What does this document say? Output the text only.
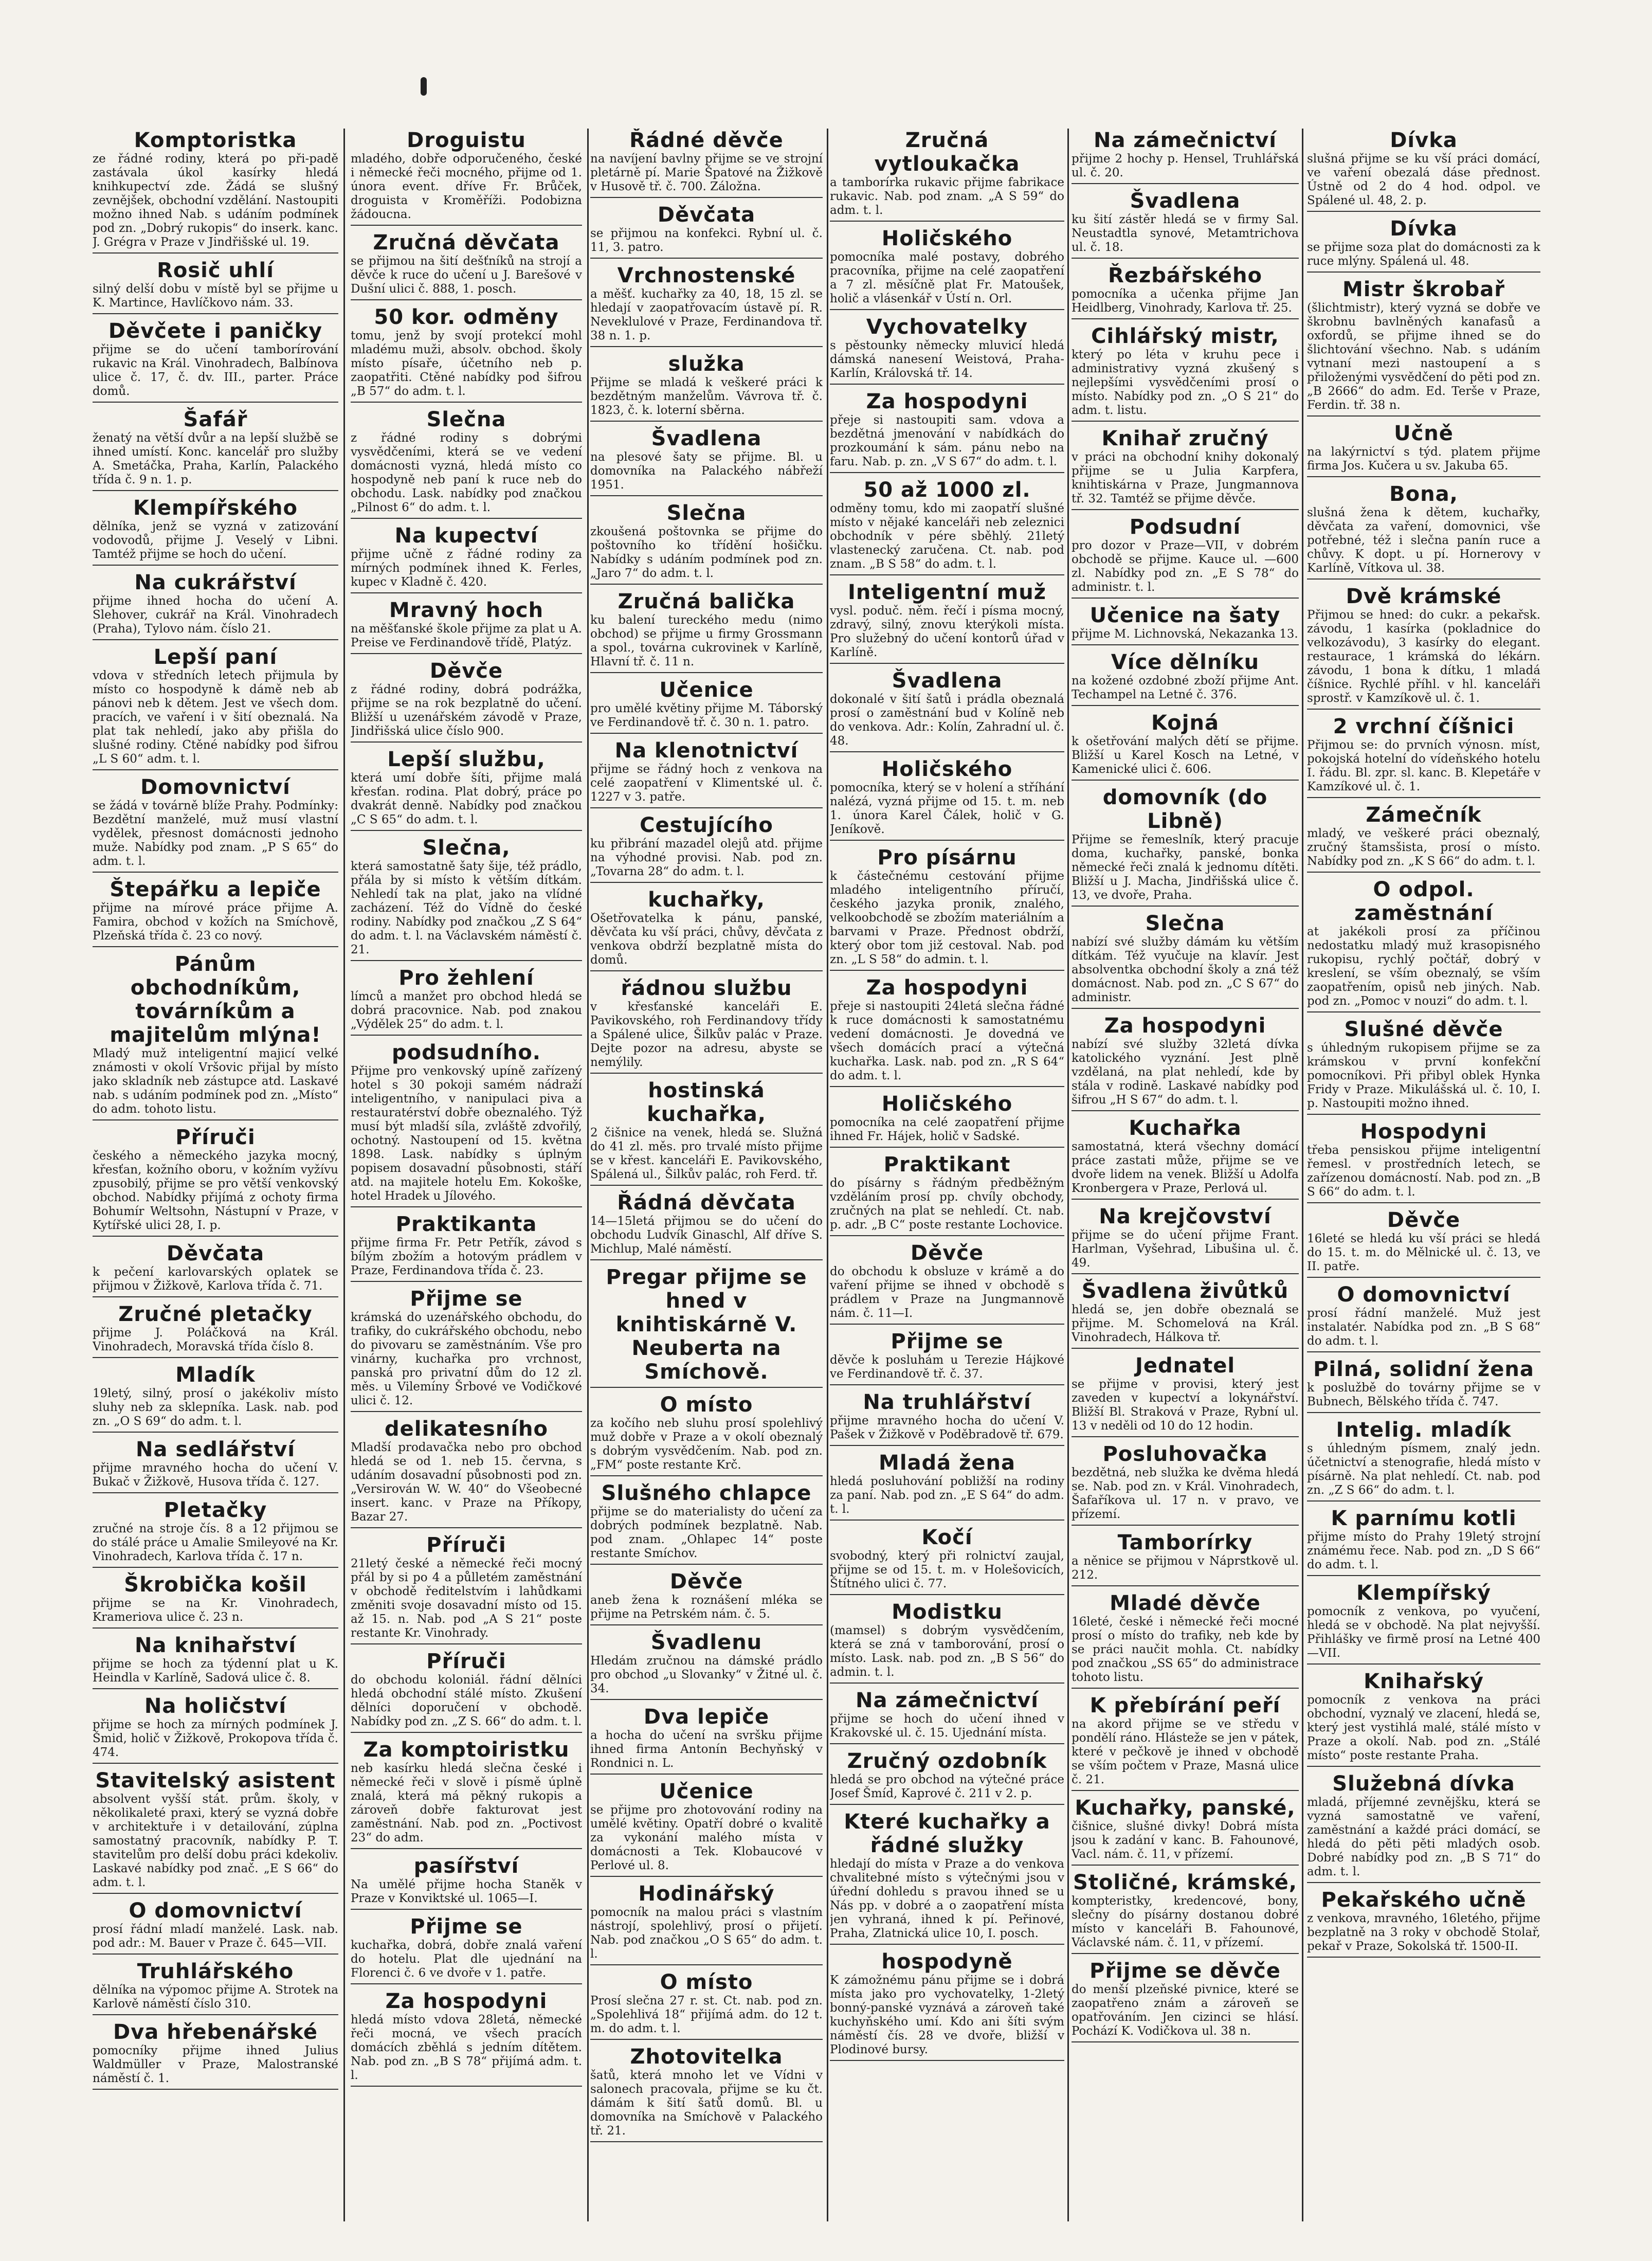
Komptoristka
ze řádné rodiny, která po při-padě zastávala úkol kasírky hledá knihkupectví zde. Žádá se slušný zevnějšek, obchodní vzdělání. Nastoupiti možno ihned Nab. s udáním podmínek pod zn. „Dobrý rukopis“ do inserk. kanc. J. Grégra v Praze v Jindřišské ul. 19.
Rosič uhlí
silný delší dobu v místě byl se přijme u K. Martince, Havlíčkovo nám. 33.
Děvčete i paničky
přijme se do učení tamborírování rukavic na Král. Vinohradech, Balbínova ulice č. 17, č. dv. III., parter. Práce domů.
Šafář
ženatý na větší dvůr a na lepší službě se ihned umístí. Konc. kancelář pro služby A. Smetáčka, Praha, Karlín, Palackého třída č. 9 n. 1. p.
Klempířského
dělníka, jenž se vyzná v zatizování vodovodů, přijme J. Veselý v Libni. Tamtéž přijme se hoch do učení.
Na cukrářství
přijme ihned hocha do učení A. Slehover, cukrář na Král. Vinohradech (Praha), Tylovo nám. číslo 21.
Lepší paní
vdova v středních letech přijmula by místo co hospodyně k dámě neb ab pánovi neb k dětem. Jest ve všech dom. pracích, ve vaření i v šití obeznalá. Na plat tak nehledí, jako aby přišla do slušné rodiny. Ctěné nabídky pod šifrou „L S 60“ adm. t. l.
Domovnictví
se žádá v továrně blíže Prahy. Podmínky: Bezdětní manželé, muž musí vlastní vydělek, přesnost domácnosti jednoho muže. Nabídky pod znam. „P S 65“ do adm. t. l.
Štepářku a lepiče
přijme na mírové práce přijme A. Famira, obchod v kožích na Smíchově, Plzeňská třída č. 23 co nový.
Pánům obchodníkům, továrníkům a majitelům mlýna!
Mladý muž inteligentní majicí velké známosti v okolí Vršovic přijal by místo jako skladník neb zástupce atd. Laskavé nab. s udáním podmínek pod zn. „Místo“ do adm. tohoto listu.
Příruči
českého a německého jazyka mocný, křesťan, kožního oboru, v kožním vyžívu zpusobilý, přijme se pro větší venkovský obchod. Nabídky přijímá z ochoty firma Bohumír Weltsohn, Nástupní v Praze, v Kytířské ulici 28, I. p.
Děvčata
k pečení karlovarských oplatek se přijmou v Žižkově, Karlova třída č. 71.
Zručné pletačky
přijme J. Poláčková na Král. Vinohradech, Moravská třída číslo 8.
Mladík
19letý, silný, prosí o jakékoliv místo sluhy neb za sklepníka. Lask. nab. pod zn. „O S 69“ do adm. t. l.
Na sedlářství
přijme mravného hocha do učení V. Bukač v Žižkově, Husova třída č. 127.
Pletačky
zručné na stroje čís. 8 a 12 přijmou se do stálé práce u Amalie Smileyové na Kr. Vinohradech, Karlova třída č. 17 n.
Škrobička košil
přijme se na Kr. Vinohradech, Krameriova ulice č. 23 n.
Na knihařství
přijme se hoch za týdenní plat u K. Heindla v Karlíně, Sadová ulice č. 8.
Na holičství
přijme se hoch za mírných podmínek J. Šmid, holič v Žižkově, Prokopova třída č. 474.
Stavitelský asistent
absolvent vyšší stát. prům. školy, v několikaleté praxi, který se vyzná dobře v architektuře i v detailování, zúplna samostatný pracovník, nabídky P. T. stavitelům pro delší dobu práci kdekoliv. Laskavé nabídky pod znač. „E S 66“ do adm. t. l.
O domovnictví
prosí řádní mladí manželé. Lask. nab. pod adr.: M. Bauer v Praze č. 645—VII.
Truhlářského
dělníka na výpomoc přijme A. Strotek na Karlově náměstí číslo 310.
Dva hřebenářské
pomocníky přijme ihned Julius Waldmüller v Praze, Malostranské náměstí č. 1.
Droguistu
mladého, dobře odporučeného, české i německé řeči mocného, přijme od 1. února event. dříve Fr. Brůček, droguista v Kroměříži. Podobizna žádoucna.
Zručná děvčata
se přijmou na šití dešťníků na strojí a děvče k ruce do učení u J. Barešové v Dušní ulici č. 888, 1. posch.
50 kor. odměny
tomu, jenž by svojí protekcí mohl mladému muži, absolv. obchod. školy místo písaře, účetního neb p. zaopatřiti. Ctěné nabídky pod šifrou „B 57“ do adm. t. l.
Slečna
z řádné rodiny s dobrými vysvědčeními, která se ve vedení domácnosti vyzná, hledá místo co hospodyně neb paní k ruce neb do obchodu. Lask. nabídky pod značkou „Pilnost 6“ do adm. t. l.
Na kupectví
přijme učně z řádné rodiny za mírných podmínek ihned K. Ferles, kupec v Kladně č. 420.
Mravný hoch
na měšťanské škole přijme za plat u A. Preise ve Ferdinandově třídě, Platýz.
Děvče
z řádné rodiny, dobrá podrážka, přijme se na rok bezplatně do učení. Bližší u uzenářském závodě v Praze, Jindřišská ulice číslo 900.
Lepší službu,
která umí dobře šíti, přijme malá křesťan. rodina. Plat dobrý, práce po dvakrát denně. Nabídky pod značkou „C S 65“ do adm. t. l.
Slečna,
která samostatně šaty šije, též prádlo, přála by si místo k větším dítkám. Nehledí tak na plat, jako na vlídné zacházení. Též do Vídně do české rodiny. Nabídky pod značkou „Z S 64“ do adm. t. l. na Václavském náměstí č. 21.
Pro žehlení
límců a manžet pro obchod hledá se dobrá pracovnice. Nab. pod znakou „Výdělek 25“ do adm. t. l.
podsudního.
Přijme pro venkovský upíně zařízený hotel s 30 pokoji samém nádraží inteligentního, v nanipulaci piva a restauratérství dobře obeznalého. Týž musí být mladší síla, zvláště zdvořilý, ochotný. Nastoupení od 15. května 1898. Lask. nabídky s úplným popisem dosavadní působnosti, stáří atd. na majitele hotelu Em. Kokoške, hotel Hradek u Jílového.
Praktikanta
přijme firma Fr. Petr Petřík, závod s bílým zbožím a hotovým prádlem v Praze, Ferdinandova třída č. 23.
Přijme se
krámská do uzenářského obchodu, do trafiky, do cukrářského obchodu, nebo do pivovaru se zaměstnáním. Vše pro vinárny, kuchařka pro vrchnost, panská pro privatní dům do 12 zl. měs. u Vilemíny Šrbové ve Vodičkové ulici č. 12.
delikatesního
Mladší prodavačka nebo pro obchod hledá se od 1. neb 15. června, s udáním dosavadní působnosti pod zn. „Versirován W. W. 40“ do Všeobecné insert. kanc. v Praze na Příkopy, Bazar 27.
Příruči
21letý české a německé řeči mocný přál by si po 4 a půlletém zaměstnání v obchodě ředitelstvím i lahůdkami změniti svoje dosavadní místo od 15. až 15. n. Nab. pod „A S 21“ poste restante Kr. Vinohrady.
Příruči
do obchodu koloniál. řádní dělníci hledá obchodní stálé místo. Zkušení dělníci doporučení v obchodě. Nabídky pod zn. „Z S. 66“ do adm. t. l.
Za komptoiristku
neb kasírku hledá slečna české i německé řeči v slově i písmě úplně znalá, která má pěkný rukopis a zároveň dobře fakturovat jest zaměstnání. Nab. pod zn. „Poctivost 23“ do adm.
pasířství
Na umělé přijme hocha Staněk v Praze v Konviktské ul. 1065—I.
Přijme se
kuchařka, dobrá, dobře znalá vaření do hotelu. Plat dle ujednání na Florenci č. 6 ve dvoře v 1. patře.
Za hospodyni
hledá místo vdova 28letá, německé řeči mocná, ve všech pracích domácích zběhlá s jedním dítětem. Nab. pod zn. „B S 78“ přijímá adm. t. l.
Řádné děvče
na navíjení bavlny přijme se ve strojní pletárně pí. Marie Špatové na Žižkově v Husově tř. č. 700. Záložna.
Děvčata
se přijmou na konfekci. Rybní ul. č. 11, 3. patro.
Vrchnostenské
a měšť. kuchařky za 40, 18, 15 zl. se hledají v zaopatřovacím ústavě pí. R. Neveklulové v Praze, Ferdinandova tř. 38 n. 1. p.
služka
Přijme se mladá k veškeré práci k bezdětným manželům. Vávrova tř. č. 1823, č. k. loterní sběrna.
Švadlena
na plesové šaty se přijme. Bl. u domovníka na Palackého nábřeží 1951.
Slečna
zkoušená poštovnka se přijme do poštovního ko třídění hošičku. Nabídky s udáním podmínek pod zn. „Jaro 7“ do adm. t. l.
Zručná balička
ku balení tureckého medu (nimo obchod) se přijme u firmy Grossmann a spol., továrna cukrovinek v Karlíně, Hlavní tř. č. 11 n.
Učenice
pro umělé květiny přijme M. Táborský ve Ferdinandově tř. č. 30 n. 1. patro.
Na klenotnictví
přijme se řádný hoch z venkova na celé zaopatření v Klimentské ul. č. 1227 v 3. patře.
Cestujícího
ku přibrání mazadel olejů atd. přijme na výhodné provisi. Nab. pod zn. „Tovarna 28“ do adm. t. l.
kuchařky,
Ošetřovatelka k pánu, panské, děvčata ku vší práci, chůvy, děvčata z venkova obdrží bezplatně místa do domů.
řádnou službu
v křesťanské kanceláři E. Pavikovského, roh Ferdinandovy třídy a Spálené ulice, Šilkův palác v Praze. Dejte pozor na adresu, abyste se nemýlily.
hostinská kuchařka,
2 čišnice na venek, hledá se. Služná do 41 zl. měs. pro trvalé místo přijme se v křest. kanceláři E. Pavikovského, Spálená ul., Šilkův palác, roh Ferd. tř.
Řádná děvčata
14—15letá přijmou se do učení do obchodu Ludvík Ginaschl, Alf dříve S. Michlup, Malé náměstí.
Pregar přijme se hned v knihtiskárně V. Neuberta na Smíchově.
O místo
za kočího neb sluhu prosí spolehlivý muž dobře v Praze a v okolí obeznalý s dobrým vysvědčením. Nab. pod zn. „FM“ poste restante Krč.
Slušného chlapce
přijme se do materialisty do učení za dobrých podmínek bezplatně. Nab. pod znam. „Ohlapec 14“ poste restante Smíchov.
Děvče
aneb žena k roznášení mléka se přijme na Petrském nám. č. 5.
Švadlenu
Hledám zručnou na dámské prádlo pro obchod „u Slovanky“ v Žitné ul. č. 34.
Dva lepiče
a hocha do učení na svršku přijme ihned firma Antonín Bechyňský v Rondnici n. L.
Učenice
se přijme pro zhotovování rodiny na umělé květiny. Opatří dobré o kvalitě za vykonání malého místa v domácnosti a Tek. Klobaucové v Perlové ul. 8.
Hodinářský
pomocník na malou práci s vlastním nástrojí, spolehlivý, prosí o přijetí. Nab. pod značkou „O S 65“ do adm. t. l.
O místo
Prosí slečna 27 r. st. Ct. nab. pod zn. „Spolehlivá 18“ přijímá adm. do 12 t. m. do adm. t. l.
Zhotovitelka
šatů, která mnoho let ve Vídni v salonech pracovala, přijme se ku čt. dámám k šití šatů domů. Bl. u domovníka na Smíchově v Palackého tř. 21.
Zručná vytloukačka
a tamborírka rukavic přijme fabrikace rukavic. Nab. pod znam. „A S 59“ do adm. t. l.
Holičského
pomocníka malé postavy, dobrého pracovníka, přijme na celé zaopatření a 7 zl. měsíčně plat Fr. Matoušek, holič a vlásenkář v Ústí n. Orl.
Vychovatelky
s pěstounky německy mluvicí hledá dámská nanesení Weistová, Praha-Karlín, Královská tř. 14.
Za hospodyni
přeje si nastoupiti sam. vdova a bezdětná jmenování v nabídkách do prozkoumání k sám. pánu nebo na faru. Nab. p. zn. „V S 67“ do adm. t. l.
50 až 1000 zl.
odměny tomu, kdo mi zaopatří slušné místo v nějaké kanceláři neb zeleznici obchodník v pére sběhlý. 21letý vlastenecký zaručena. Ct. nab. pod znam. „B S 58“ do adm. t. l.
Inteligentní muž
vysl. poduč. něm. řečí i písma mocný, zdravý, silný, znovu kterýkoli místa. Pro služebný do učení kontorů úřad v Karlíně.
Švadlena
dokonalé v šití šatů i prádla obeznalá prosí o zaměstnání bud v Kolíně neb do venkova. Adr.: Kolín, Zahradní ul. č. 48.
Holičského
pomocníka, který se v holení a stříhání nalézá, vyzná přijme od 15. t. m. neb 1. února Karel Čálek, holič v G. Jeníkově.
Pro písárnu
k částečnému cestování přijme mladého inteligentního příručí, českého jazyka pronik, znalého, velkoobchodě se zbožím materiálním a barvami v Praze. Přednost obdrží, který obor tom již cestoval. Nab. pod zn. „L S 58“ do admin. t. l.
Za hospodyni
přeje si nastoupiti 24letá slečna řádné k ruce domácnosti k samostatnému vedení domácnosti. Je dovedná ve všech domácích prací a výtečná kuchařka. Lask. nab. pod zn. „R S 64“ do adm. t. l.
Holičského
pomocníka na celé zaopatření přijme ihned Fr. Hájek, holič v Sadské.
Praktikant
do písárny s řádným předběžným vzděláním prosí pp. chvíly obchody, zručných na plat se nehledí. Ct. nab. p. adr. „B C“ poste restante Lochovice.
Děvče
do obchodu k obsluze v krámě a do vaření přijme se ihned v obchodě s prádlem v Praze na Jungmannově nám. č. 11—I.
Přijme se
děvče k posluhám u Terezie Hájkové ve Ferdinandově tř. č. 37.
Na truhlářství
přijme mravného hocha do učení V. Pašek v Žižkově v Poděbradově tř. 679.
Mladá žena
hledá posluhování pobližší na rodiny za paní. Nab. pod zn. „E S 64“ do adm. t. l.
Kočí
svobodný, který při rolnictví zaujal, přijme se od 15. t. m. v Holešovicích, Štítného ulici č. 77.
Modistku
(mamsel) s dobrým vysvědčením, která se zná v tamborování, prosí o místo. Lask. nab. pod zn. „B S 56“ do admin. t. l.
Na zámečnictví
přijme se hoch do učení ihned v Krakovské ul. č. 15. Ujednání místa.
Zručný ozdobník
hledá se pro obchod na výtečné práce Josef Šmíd, Kaprové č. 211 v 2. p.
Které kuchařky a řádné služky
hledají do místa v Praze a do venkova chvalitebné místo s výtečnými jsou v úřední dohledu s pravou ihned se u Nás pp. v dobré a o zaopatření místa jen vyhraná, ihned k pí. Peřinové, Praha, Zlatnická ulice 10, I. posch.
hospodyně
K zámožnému pánu přijme se i dobrá místa jako pro vychovatelky, 1-2letý bonný-panské vyznává a zároveň také kuchyňského umí. Kdo ani šíti svým náměstí čís. 28 ve dvoře, bližší v Plodinové bursy.
Na zámečnictví
přijme 2 hochy p. Hensel, Truhlářská ul. č. 20.
Švadlena
ku šití zástěr hledá se v firmy Sal. Neustadtla synové, Metamtrichova ul. č. 18.
Řezbářského
pomocníka a učenka přijme Jan Heidlberg, Vinohrady, Karlova tř. 25.
Cihlářský mistr,
který po léta v kruhu pece i administrativy vyzná zkušený s nejlepšími vysvědčeními prosí o místo. Nabídky pod zn. „O S 21“ do adm. t. listu.
Knihař zručný
v práci na obchodní knihy dokonalý přijme se u Julia Karpfera, knihtiskárna v Praze, Jungmannova tř. 32. Tamtéž se přijme děvče.
Podsudní
pro dozor v Praze—VII, v dobrém obchodě se přijme. Kauce ul. —600 zl. Nabídky pod zn. „E S 78“ do administr. t. l.
Učenice na šaty
přijme M. Lichnovská, Nekazanka 13.
Více dělníku
na kožené ozdobné zboží přijme Ant. Techampel na Letné č. 376.
Kojná
k ošetřování malých dětí se přijme. Bližší u Karel Kosch na Letné, v Kamenické ulici č. 606.
domovník (do Libně)
Přijme se řemeslník, který pracuje doma, kuchařky, panské, bonka německé řeči znalá k jednomu dítěti. Bližší u J. Macha, Jindřišská ulice č. 13, ve dvoře, Praha.
Slečna
nabízí své služby dámám ku větším dítkám. Též vyučuje na klavír. Jest absolventka obchodní školy a zná též domácnost. Nab. pod zn. „C S 67“ do administr.
Za hospodyni
nabízí své služby 32letá dívka katolického vyznání. Jest plně vzdělaná, na plat nehledí, kde by stála v rodině. Laskavé nabídky pod šifrou „H S 67“ do adm. t. l.
Kuchařka
samostatná, která všechny domácí práce zastati může, přijme se ve dvoře lidem na venek. Bližší u Adolfa Kronbergera v Praze, Perlová ul.
Na krejčovství
přijme se do učení přijme Frant. Harlman, Vyšehrad, Libušina ul. č. 49.
Švadlena živůtků
hledá se, jen dobře obeznalá se přijme. M. Schomelová na Král. Vinohradech, Hálkova tř.
Jednatel
se přijme v provisi, který jest zaveden v kupectví a lokynářství. Bližší Bl. Straková v Praze, Rybní ul. 13 v neděli od 10 do 12 hodin.
Posluhovačka
bezdětná, neb služka ke dvěma hledá se. Nab. pod zn. v Král. Vinohradech, Šafaříkova ul. 17 n. v pravo, ve přízemí.
Tamborírky
a něnice se přijmou v Náprstkově ul. 212.
Mladé děvče
16leté, české i německé řeči mocné prosí o místo do trafiky, neb kde by se práci naučit mohla. Ct. nabídky pod značkou „SS 65“ do administrace tohoto listu.
K přebírání peří
na akord přijme se ve středu v pondělí ráno. Hlásteže se jen v pátek, které v pečkově je ihned v obchodě se vším počtem v Praze, Masná ulice č. 21.
Kuchařky, panské,
čišnice, slušné divky! Dobrá místa jsou k zadání v kanc. B. Fahounové, Vacl. nám. č. 11, v přízemí.
Stoličné, krámské,
kompteristky, kredencové, bony, slečny do písárny dostanou dobré místo v kanceláři B. Fahounové, Václavské nám. č. 11, v přízemí.
Přijme se děvče
do menší plzeňské pivnice, které se zaopatřeno znám a zároveň se opatřováním. Jen cizinci se hlásí. Pochází K. Vodičkova ul. 38 n.
Dívka
slušná přijme se ku vší práci domácí, ve vaření obezalá dáse přednost. Ústně od 2 do 4 hod. odpol. ve Spálené ul. 48, 2. p.
Dívka
se přijme soza plat do domácnosti za k ruce mlýny. Spálená ul. 48.
Mistr škrobař
(šlichtmistr), který vyzná se dobře ve škrobnu bavlněných kanafasů a oxfordů, se přijme ihned se do šlichtování všechno. Nab. s udáním vytnaní mezi nastoupení a s přiloženými vysvědčení do pěti pod zn. „B 2666“ do adm. Ed. Terše v Praze, Ferdin. tř. 38 n.
Učně
na lakýrnictví s týd. platem přijme firma Jos. Kučera u sv. Jakuba 65.
Bona,
slušná žena k dětem, kuchařky, děvčata za vaření, domovnici, vše potřebné, též i slečna panín ruce a chůvy. K dopt. u pí. Hornerovy v Karlíně, Vítkova ul. 38.
Dvě krámské
Přijmou se hned: do cukr. a pekařsk. závodu, 1 kasírka (pokladnice do velkozávodu), 3 kasírky do elegant. restaurace, 1 krámská do lékárn. závodu, 1 bona k dítku, 1 mladá číšnice. Rychlé příhl. v hl. kanceláři sprostř. v Kamzíkově ul. č. 1.
2 vrchní číšnici
Přijmou se: do prvních výnosn. míst, pokojská hotelní do vídeňského hotelu I. řádu. Bl. zpr. sl. kanc. B. Klepetáře v Kamzíkové ul. č. 1.
Zámečník
mladý, ve veškeré práci obeznalý, zručný štamsšista, prosí o místo. Nabídky pod zn. „K S 66“ do adm. t. l.
O odpol. zaměstnání
at jakékoli prosí za příčinou nedostatku mladý muž krasopisného rukopisu, rychlý počtář, dobrý v kreslení, se vším obeznalý, se vším zaopatřením, opisů neb jiných. Nab. pod zn. „Pomoc v nouzi“ do adm. t. l.
Slušné děvče
s úhledným rukopisem přijme se za krámskou v první konfekční pomocníkovi. Při přibyl oblek Hynka Fridy v Praze. Mikulášská ul. č. 10, I. p. Nastoupiti možno ihned.
Hospodyni
třeba pensiskou přijme inteligentní řemesl. v prostředních letech, se zařízenou domácností. Nab. pod zn. „B S 66“ do adm. t. l.
Děvče
16leté se hledá ku vší práci se hledá do 15. t. m. do Mělnické ul. č. 13, ve II. patře.
O domovnictví
prosí řádní manželé. Muž jest instalatér. Nabídka pod zn. „B S 68“ do adm. t. l.
Pilná, solidní žena
k poslužbě do továrny přijme se v Bubnech, Bělského třída č. 747.
Intelig. mladík
s úhledným písmem, znalý jedn. účetnictví a stenografie, hledá místo v písárně. Na plat nehledí. Ct. nab. pod zn. „Z S 66“ do adm. t. l.
K parnímu kotli
přijme místo do Prahy 19letý strojní známému řece. Nab. pod zn. „D S 66“ do adm. t. l.
Klempířský
pomocník z venkova, po vyučení, hledá se v obchodě. Na plat nejvyšší. Přihlášky ve firmě prosí na Letné 400—VII.
Knihařský
pomocník z venkova na práci obchodní, vyznalý ve zlacení, hledá se, který jest vystihlá malé, stálé místo v Praze a okolí. Nab. pod zn. „Stálé místo“ poste restante Praha.
Služebná dívka
mladá, příjemné zevnějšku, která se vyzná samostatně ve vaření, zaměstnání a každé práci domácí, se hledá do pěti pěti mladých osob. Dobré nabídky pod zn. „B S 71“ do adm. t. l.
Pekařského učně
z venkova, mravného, 16letého, přijme bezplatně na 3 roky v obchodě Stolař, pekař v Praze, Sokolská tř. 1500-II.
